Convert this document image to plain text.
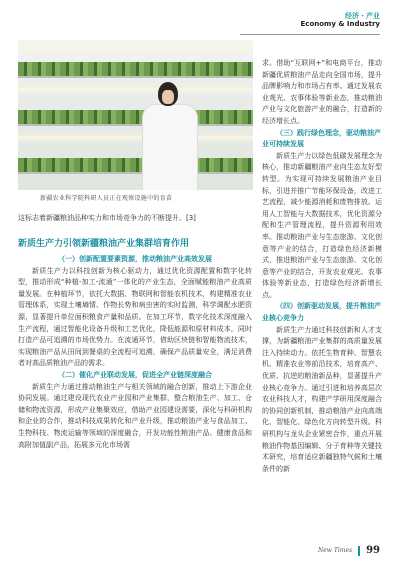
经济・产业
Economy & Industry
新疆农业科学院科研人员正在观察设施中的育苗

这标志着新疆粮油品种实力和市场竞争力的不断提升。[3]

新质生产力引领新疆粮油产业集群培育作用

（一）创新配置要素资源，推动粮油产业高效发展

新质生产力以科技创新为核心驱动力，通过优化资源配置和数字化转型，推动形成“种植-加工-流通”一体化的产业生态，全面赋能粮油产业高质量发展。在种植环节，依托大数据、物联网和智能农机技术，构建精准农业管理体系，实现土壤墒情、作物长势和病虫害的实时监测，科学调配水肥资源，显著提升单位面积粮食产量和品质。在加工环节，数字化技术深度融入生产流程，通过智能化设备升级和工艺优化，降低能源和原材料成本，同时打造产品可追溯的市场优势力。在流通环节，借助区块链和智能物流技术，实现粮油产品从田间到餐桌的全流程可追溯，确保产品质量安全，满足消费者对高品质粮油产品的需求。

（二）催化产业联动发展，促进全产业链深度融合

新质生产力通过推动粮油生产与相关领域的融合创新，推动上下游企业协同发展。通过建设现代农业产业园和产业集群，整合粮油生产、加工、仓储和物流资源，形成产业集聚效应，借助产业园建设需要，深化与科研机构和企业的合作，推动科技成果转化和产业升级，推动粮油产业与食品加工、生物科技、物流运输等领域的深度融合，开发功能性粮油产品、健康食品和高附加值副产品，拓展多元化市场需

求。借助“互联网+”和电商平台，推动新疆优质粮油产品走向全国市场，提升品牌影响力和市场占有率。通过发展农业观光、农事体验等新业态，推动粮油产业与文化旅游产业的融合，打造新的经济增长点。

（三）践行绿色理念，驱动粮油产业可持续发展

新质生产力以绿色低碳发展理念为核心，推动新疆粮油产业向生态友好型转型。为实现可持续发展粮油产业目标，引进并推广节能环保设备，改进工艺流程，减少能源消耗和废物排放。运用人工智能与大数据技术，优化资源分配和生产管理流程，提升资源利用效率。推动粮油产业与生态旅游、文化创意等产业的结合，打造绿色经济新模式，推进粮油产业与生态旅游、文化创意等产业的结合，开发农业观光、农事体验等新业态，打造绿色经济新增长点。

（四）创新驱动发展，提升粮油产业核心竞争力

新质生产力通过科技创新和人才支撑，为新疆粮油产业集群的高质量发展注入持续动力。依托生物育种、智慧农机、精准农业等前沿技术，培育高产、优质、抗逆的粮油新品种，显著提升产业核心竞争力。通过引进和培养高层次农业科技人才，构建产学研用深度融合的协同创新机制，推动粮油产业向高端化、智能化、绿色化方向转型升级。科研机构与龙头企业紧密合作，重点开展粮油作物基因编辑、分子育种等关键技术研究，培育适应新疆独特气候和土壤条件的新

New Times 99
